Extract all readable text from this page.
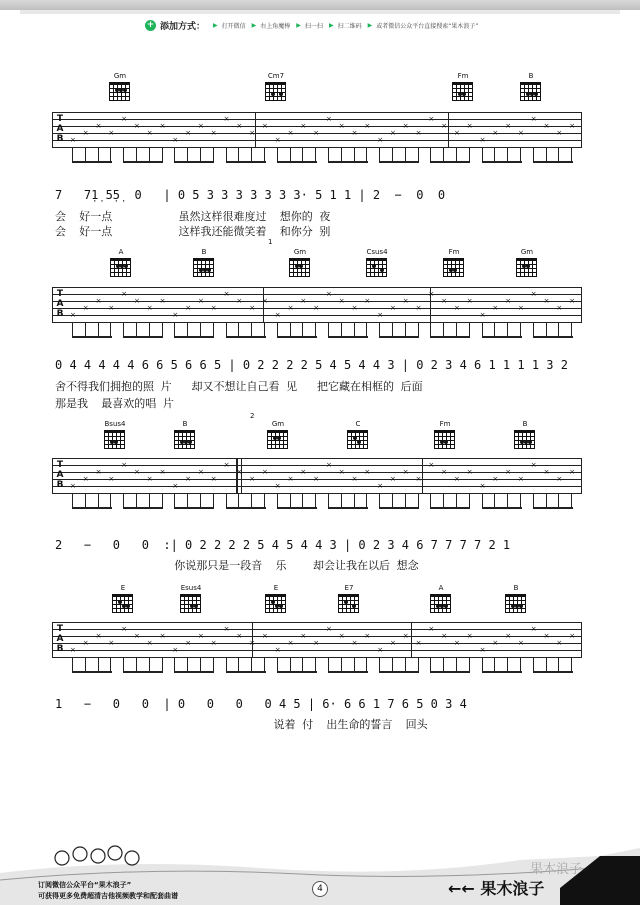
+ 添加方式： ▶ 打开微信 ▶ 右上角魔棒 ▶ 扫一扫 ▶ 扫二维码 ▶ 或者微信公众平台直接搜索“果木浪子”
Gm	Cm7	Fm	B
T
A
B
7   7̣1̣ 5̣5̣  0   | 0 5 3 3 3 3 3 3 3· 5 1 1 | 2  −  0  0
会  好一点          虽然这样很难度过  想你的 夜
会  好一点          这样我还能微笑着  和你分 别
1
A	B	Gm	Csus4	Fm	Gm
T
A
B
0 4 4 4 4 4 6 6 5 6 6 5 | 0 2 2 2 2 5 4 5 4 4 3 | 0 2 3 4 6 1 1 1 1 3 2
舍不得我们拥抱的照 片   却又不想让自己看 见   把它藏在相框的 后面
那是我  最喜欢的唱 片
2
Bsus4	B	Gm	C	Fm	B
T
A
B
2   −   0   0  :| 0 2 2 2 2 5 4 5 4 4 3 | 0 2 3 4 6 7 7 7 7 2 1
你说那只是一段音  乐    却会让我在以后 想念
E	Esus4	E	E7	A	B
T
A
B
1   −   0   0  | 0   0   0   0 4 5 | 6· 6 6 1 7 6 5 0 3 4
说着 付  出生命的誓言  回头
×
×
×
×
×
×
×
×
×
×
×
×
×
×
×
×
×
×
×
×
×
×
×
×
×
×
×
×
×
×
×
×
×
×
×
×
×
×
×
×
×
×
×
×
×
×
×
×
×
×
×
×
×
×
×
×
×
×
×
×
×
×
×
×
×
×
×
×
×
×
×
×
×
×
×
×
×
×
×
×
×
×
×
×
×
×
×
×
×
×
×
×
×
×
×
×
×
×
×
×
×
×
×
×
×
×
×
×
×
×
×
×
×
×
×
×
×
×
×
×
×
×
×
×
×
×
×
×
×
×
×
×
×
×
×
×
×
×
×
×
×
×
×
×
×
×
×
×
×
×
×
×
×
×
×
×
×
×
×
×
订阅微信公众平台“果木浪子”
可获得更多免费超清吉他视频教学和配套曲谱
4	←← 果木浪子
果木浪子
